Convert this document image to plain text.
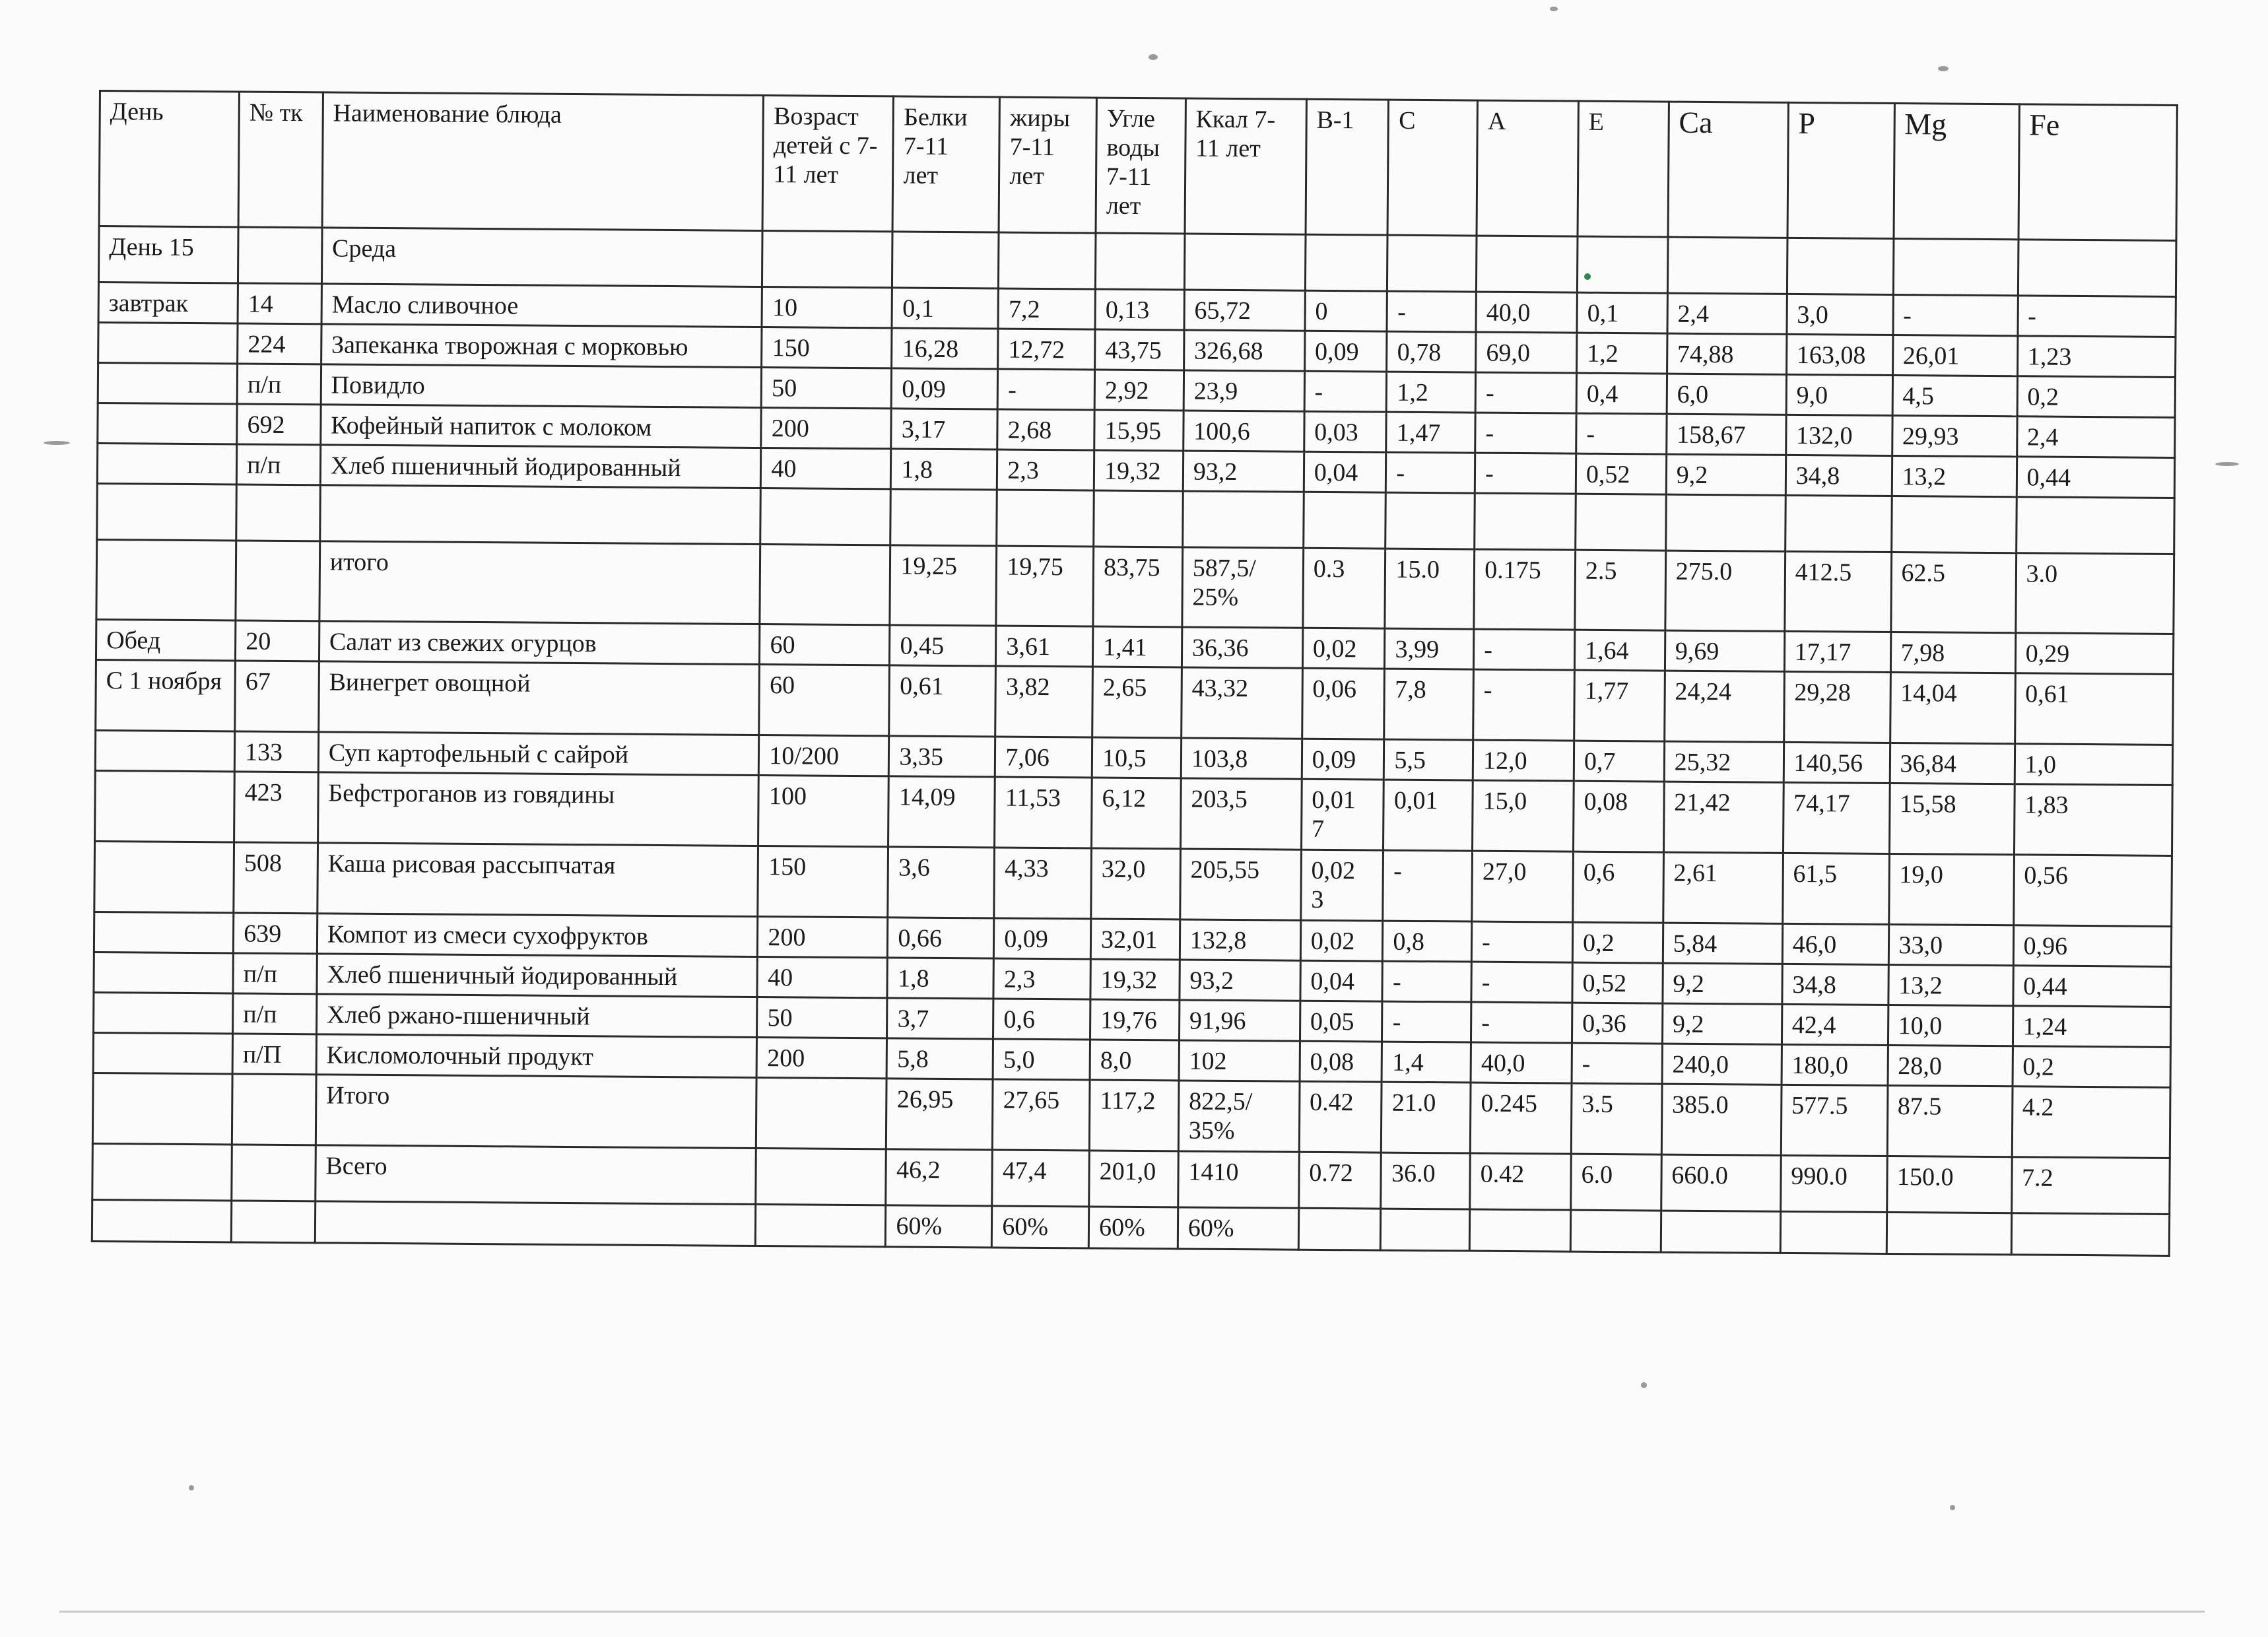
День	№ тк	Наименование блюда	Возраст детей с 7-11 лет	Белки 7-11 лет	жиры 7-11 лет	Угле воды 7-11 лет	Ккал 7-11 лет	B-1	C	A	E	Ca	P	Mg	Fe
День 15		Среда													
завтрак	14	Масло сливочное	10	0,1	7,2	0,13	65,72	0	-	40,0	0,1	2,4	3,0	-	-
	224	Запеканка творожная с морковью	150	16,28	12,72	43,75	326,68	0,09	0,78	69,0	1,2	74,88	163,08	26,01	1,23
	п/п	Повидло	50	0,09	-	2,92	23,9	-	1,2	-	0,4	6,0	9,0	4,5	0,2
	692	Кофейный напиток с молоком	200	3,17	2,68	15,95	100,6	0,03	1,47	-	-	158,67	132,0	29,93	2,4
	п/п	Хлеб пшеничный йодированный	40	1,8	2,3	19,32	93,2	0,04	-	-	0,52	9,2	34,8	13,2	0,44

		итого		19,25	19,75	83,75	587,5/ 25%	0.3	15.0	0.175	2.5	275.0	412.5	62.5	3.0
Обед	20	Салат из свежих огурцов	60	0,45	3,61	1,41	36,36	0,02	3,99	-	1,64	9,69	17,17	7,98	0,29
С 1 ноября	67	Винегрет овощной	60	0,61	3,82	2,65	43,32	0,06	7,8	-	1,77	24,24	29,28	14,04	0,61
	133	Суп картофельный с сайрой	10/200	3,35	7,06	10,5	103,8	0,09	5,5	12,0	0,7	25,32	140,56	36,84	1,0
	423	Бефстроганов из говядины	100	14,09	11,53	6,12	203,5	0,01 7	0,01	15,0	0,08	21,42	74,17	15,58	1,83
	508	Каша рисовая рассыпчатая	150	3,6	4,33	32,0	205,55	0,02 3	-	27,0	0,6	2,61	61,5	19,0	0,56
	639	Компот из смеси сухофруктов	200	0,66	0,09	32,01	132,8	0,02	0,8	-	0,2	5,84	46,0	33,0	0,96
	п/п	Хлеб пшеничный йодированный	40	1,8	2,3	19,32	93,2	0,04	-	-	0,52	9,2	34,8	13,2	0,44
	п/п	Хлеб ржано-пшеничный	50	3,7	0,6	19,76	91,96	0,05	-	-	0,36	9,2	42,4	10,0	1,24
	п/П	Кисломолочный продукт	200	5,8	5,0	8,0	102	0,08	1,4	40,0	-	240,0	180,0	28,0	0,2
		Итого		26,95	27,65	117,2	822,5/ 35%	0.42	21.0	0.245	3.5	385.0	577.5	87.5	4.2
		Всего		46,2	47,4	201,0	1410	0.72	36.0	0.42	6.0	660.0	990.0	150.0	7.2
				60%	60%	60%	60%								
